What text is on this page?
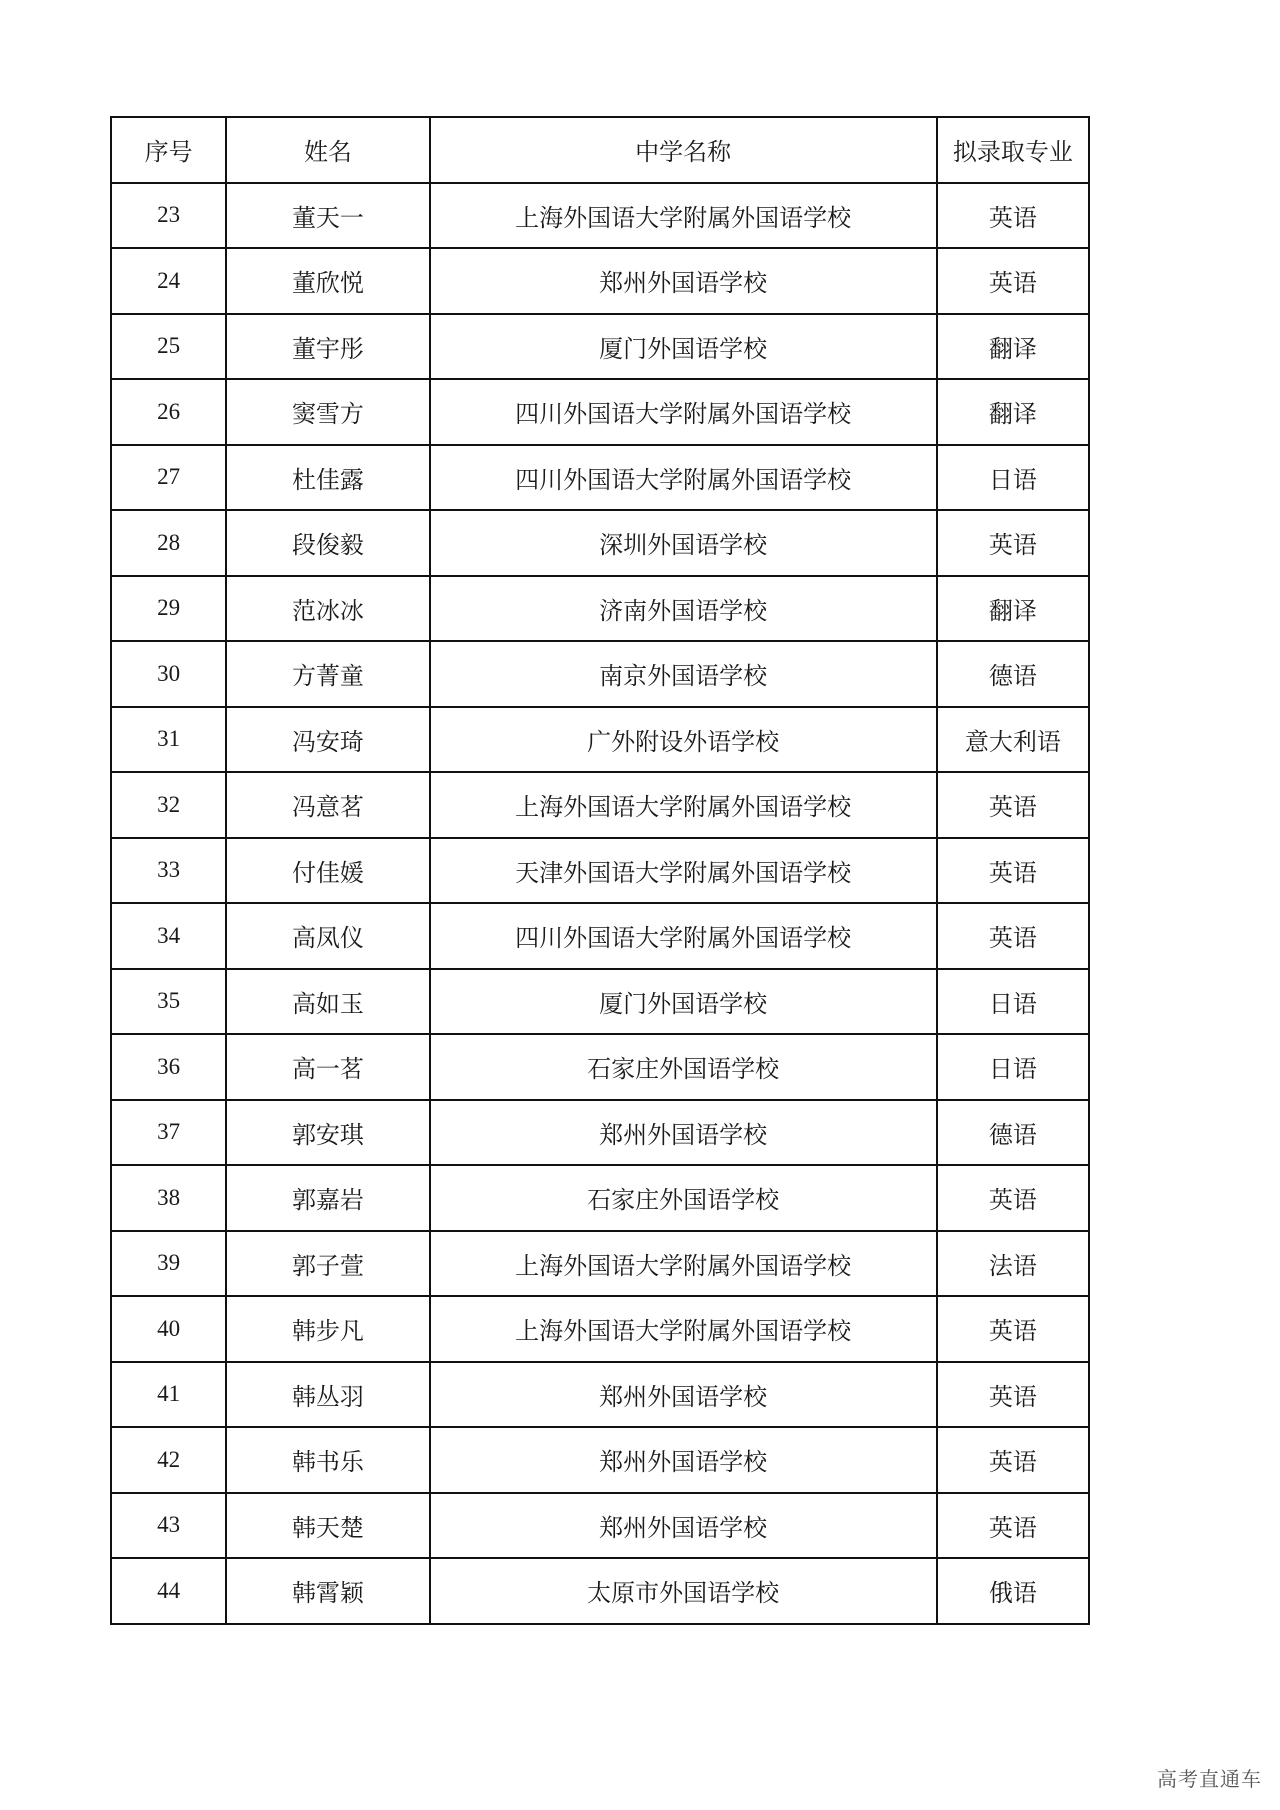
序号	姓名	中学名称	拟录取专业
23	董天一	上海外国语大学附属外国语学校	英语
24	董欣悦	郑州外国语学校	英语
25	董宇彤	厦门外国语学校	翻译
26	窦雪方	四川外国语大学附属外国语学校	翻译
27	杜佳露	四川外国语大学附属外国语学校	日语
28	段俊毅	深圳外国语学校	英语
29	范冰冰	济南外国语学校	翻译
30	方菁童	南京外国语学校	德语
31	冯安琦	广外附设外语学校	意大利语
32	冯意茗	上海外国语大学附属外国语学校	英语
33	付佳媛	天津外国语大学附属外国语学校	英语
34	高凤仪	四川外国语大学附属外国语学校	英语
35	高如玉	厦门外国语学校	日语
36	高一茗	石家庄外国语学校	日语
37	郭安琪	郑州外国语学校	德语
38	郭嘉岩	石家庄外国语学校	英语
39	郭子萱	上海外国语大学附属外国语学校	法语
40	韩步凡	上海外国语大学附属外国语学校	英语
41	韩丛羽	郑州外国语学校	英语
42	韩书乐	郑州外国语学校	英语
43	韩天楚	郑州外国语学校	英语
44	韩霄颖	太原市外国语学校	俄语
高考直通车
